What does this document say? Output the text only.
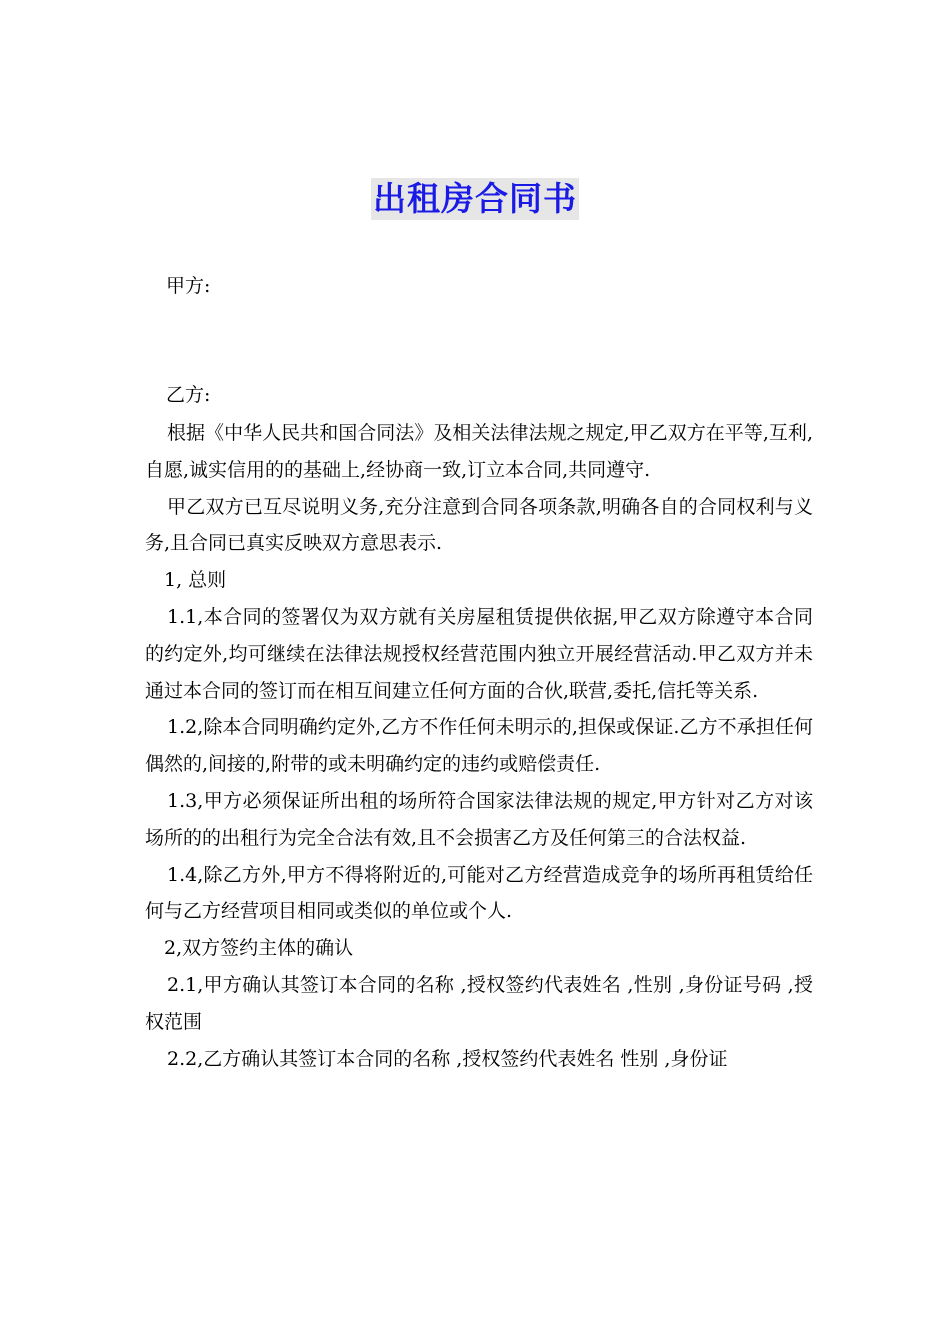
出租房合同书
甲方:
乙方:

根据《中华人民共和国合同法》及相关法律法规之规定,甲乙双方在平等,互利,自愿,诚实信用的的基础上,经协商一致,订立本合同,共同遵守.

甲乙双方已互尽说明义务,充分注意到合同各项条款,明确各自的合同权利与义务,且合同已真实反映双方意思表示.

1, 总则

1.1,本合同的签署仅为双方就有关房屋租赁提供依据,甲乙双方除遵守本合同的约定外,均可继续在法律法规授权经营范围内独立开展经营活动.甲乙双方并未通过本合同的签订而在相互间建立任何方面的合伙,联营,委托,信托等关系.

1.2,除本合同明确约定外,乙方不作任何未明示的,担保或保证.乙方不承担任何偶然的,间接的,附带的或未明确约定的违约或赔偿责任.

1.3,甲方必须保证所出租的场所符合国家法律法规的规定,甲方针对乙方对该场所的的出租行为完全合法有效,且不会损害乙方及任何第三的合法权益.

1.4,除乙方外,甲方不得将附近的,可能对乙方经营造成竞争的场所再租赁给任何与乙方经营项目相同或类似的单位或个人.

2,双方签约主体的确认

2.1,甲方确认其签订本合同的名称 ,授权签约代表姓名 ,性别 ,身份证号码 ,授权范围

2.2,乙方确认其签订本合同的名称 ,授权签约代表姓名 性别 ,身份证
